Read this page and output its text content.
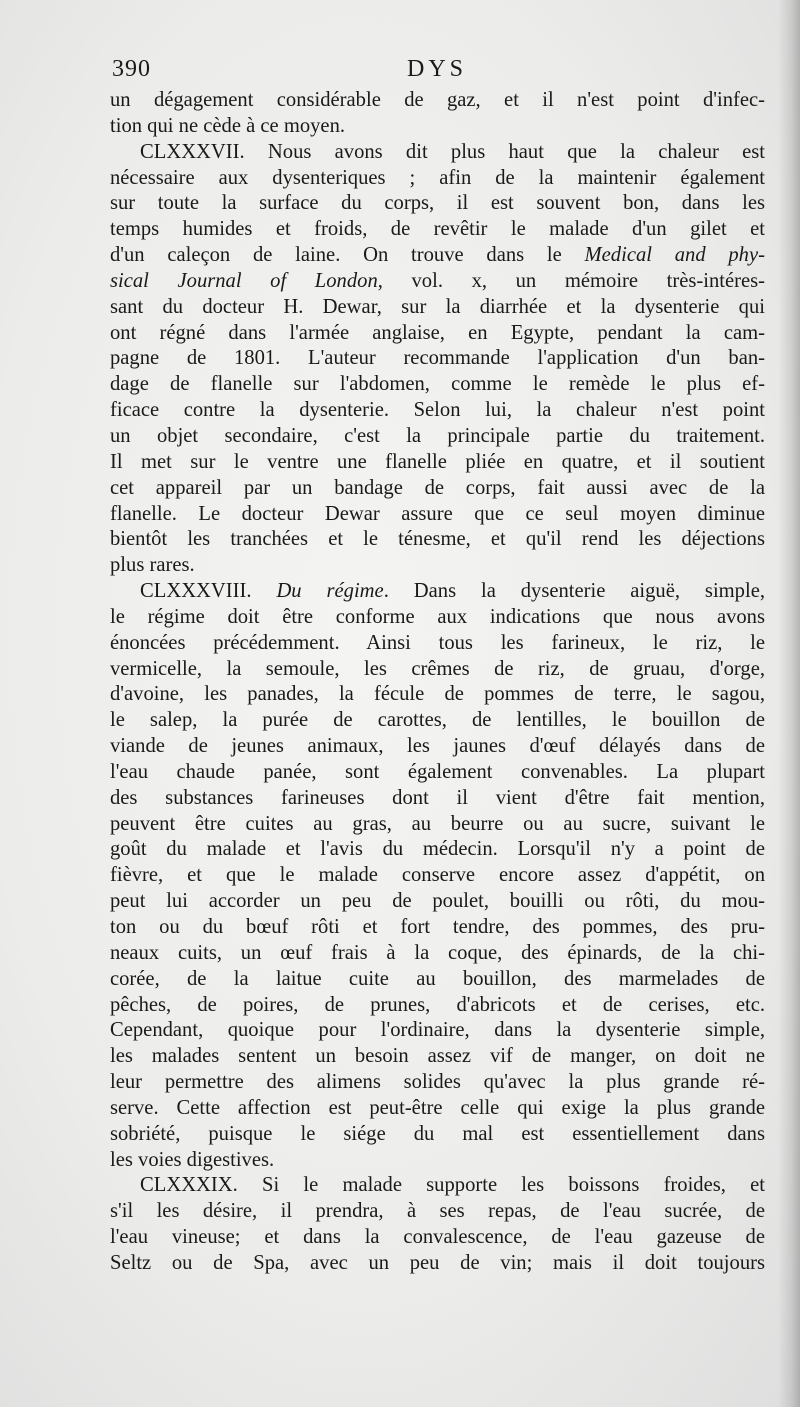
390	DYS
un dégagement considérable de gaz, et il n'est point d'infec-
tion qui ne cède à ce moyen.
CLXXXVII. Nous avons dit plus haut que la chaleur est
nécessaire aux dysenteriques ; afin de la maintenir également
sur toute la surface du corps, il est souvent bon, dans les
temps humides et froids, de revêtir le malade d'un gilet et
d'un caleçon de laine. On trouve dans le Medical and phy-
sical Journal of London, vol. x, un mémoire très-intéres-
sant du docteur H. Dewar, sur la diarrhée et la dysenterie qui
ont régné dans l'armée anglaise, en Egypte, pendant la cam-
pagne de 1801. L'auteur recommande l'application d'un ban-
dage de flanelle sur l'abdomen, comme le remède le plus ef-
ficace contre la dysenterie. Selon lui, la chaleur n'est point
un objet secondaire, c'est la principale partie du traitement.
Il met sur le ventre une flanelle pliée en quatre, et il soutient
cet appareil par un bandage de corps, fait aussi avec de la
flanelle. Le docteur Dewar assure que ce seul moyen diminue
bientôt les tranchées et le ténesme, et qu'il rend les déjections
plus rares.
CLXXXVIII. Du régime. Dans la dysenterie aiguë, simple,
le régime doit être conforme aux indications que nous avons
énoncées précédemment. Ainsi tous les farineux, le riz, le
vermicelle, la semoule, les crêmes de riz, de gruau, d'orge,
d'avoine, les panades, la fécule de pommes de terre, le sagou,
le salep, la purée de carottes, de lentilles, le bouillon de
viande de jeunes animaux, les jaunes d'œuf délayés dans de
l'eau chaude panée, sont également convenables. La plupart
des substances farineuses dont il vient d'être fait mention,
peuvent être cuites au gras, au beurre ou au sucre, suivant le
goût du malade et l'avis du médecin. Lorsqu'il n'y a point de
fièvre, et que le malade conserve encore assez d'appétit, on
peut lui accorder un peu de poulet, bouilli ou rôti, du mou-
ton ou du bœuf rôti et fort tendre, des pommes, des pru-
neaux cuits, un œuf frais à la coque, des épinards, de la chi-
corée, de la laitue cuite au bouillon, des marmelades de
pêches, de poires, de prunes, d'abricots et de cerises, etc.
Cependant, quoique pour l'ordinaire, dans la dysenterie simple,
les malades sentent un besoin assez vif de manger, on doit ne
leur permettre des alimens solides qu'avec la plus grande ré-
serve. Cette affection est peut-être celle qui exige la plus grande
sobriété, puisque le siége du mal est essentiellement dans
les voies digestives.
CLXXXIX. Si le malade supporte les boissons froides, et
s'il les désire, il prendra, à ses repas, de l'eau sucrée, de
l'eau vineuse; et dans la convalescence, de l'eau gazeuse de
Seltz ou de Spa, avec un peu de vin; mais il doit toujours
